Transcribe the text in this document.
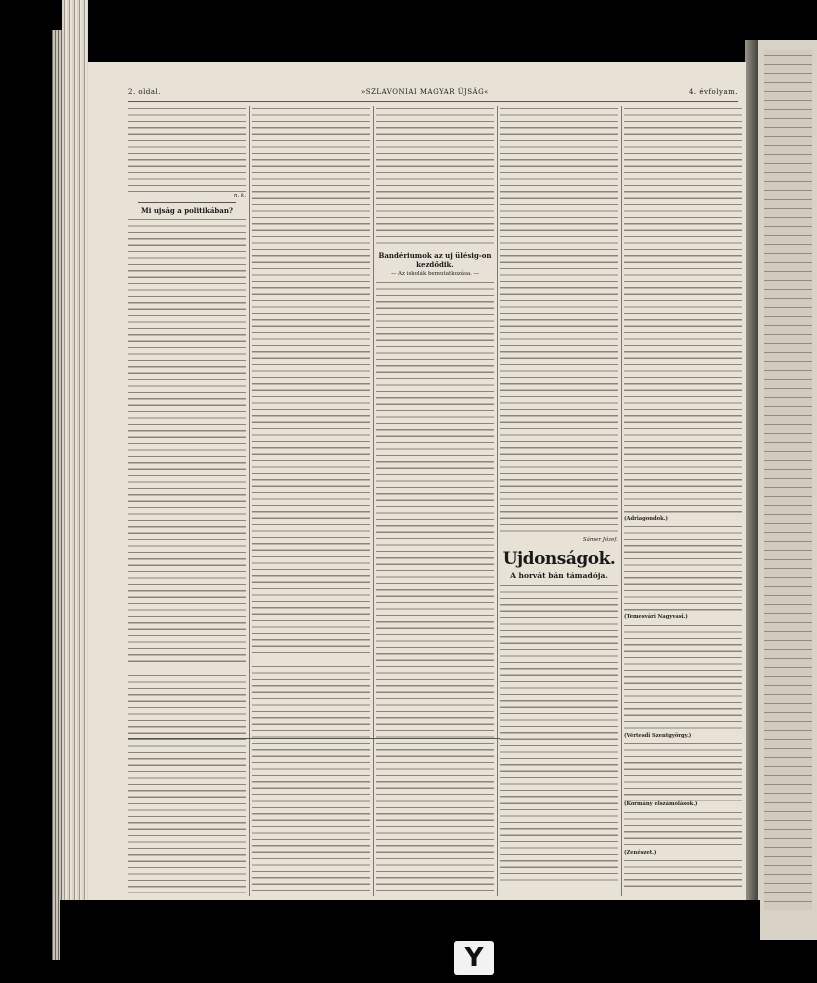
2. oldal.	»SZLAVONIAI MAGYAR ÚJSÁG«	4. évfolyam.
n. k.
Mi ujság a politikában?
Bandériumok az uj ülésig-on kezdődik.
— Az iskolák bemutatkozása. —
Sámer Józef.
Ujdonságok.
A horvát bán támadója.
(Adriagondok.)
(Temesvári Nagyvasi.)
(Vértesdi Szentgyörgy.)
(Kormány elszámolások.)
(Zenészet.)
Y
